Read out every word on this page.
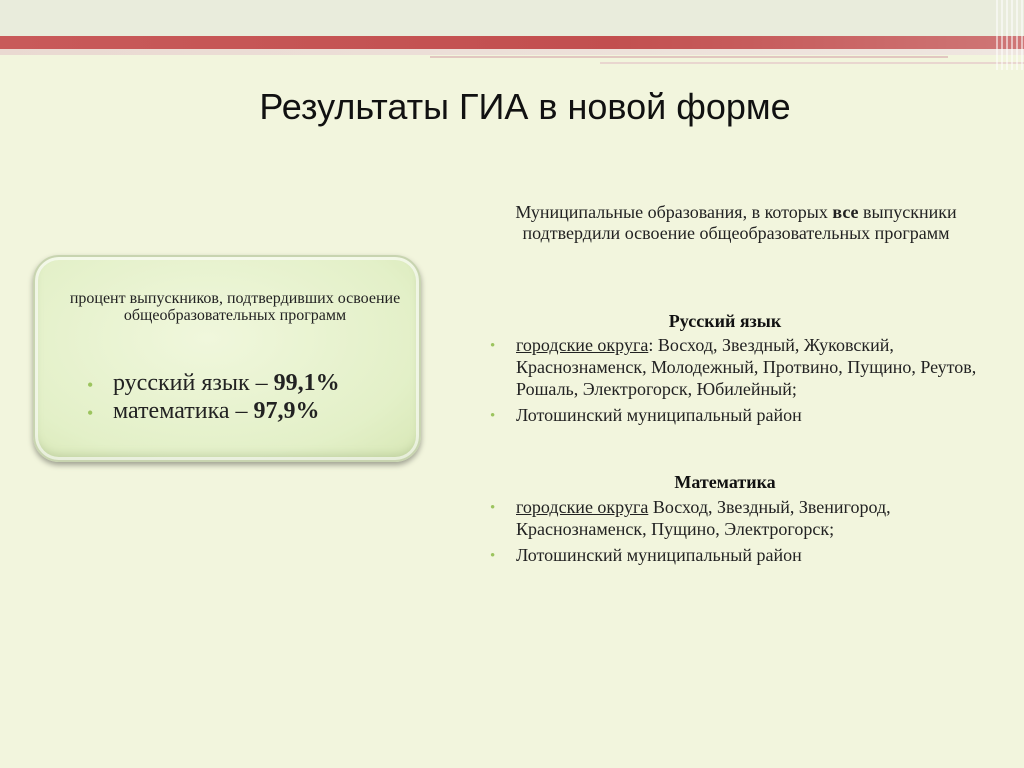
Результаты ГИА в новой форме
процент выпускников, подтвердивших освоение общеобразовательных программ
• русский язык – 99,1%
• математика – 97,9%
Муниципальные образования, в которых все выпускники подтвердили освоение общеобразовательных программ
Русский язык
• городские округа: Восход, Звездный, Жуковский, Краснознаменск, Молодежный, Протвино, Пущино, Реутов, Рошаль, Электрогорск, Юбилейный;
• Лотошинский муниципальный район
Математика
• городские округа Восход, Звездный, Звенигород, Краснознаменск, Пущино, Электрогорск;
• Лотошинский муниципальный район
